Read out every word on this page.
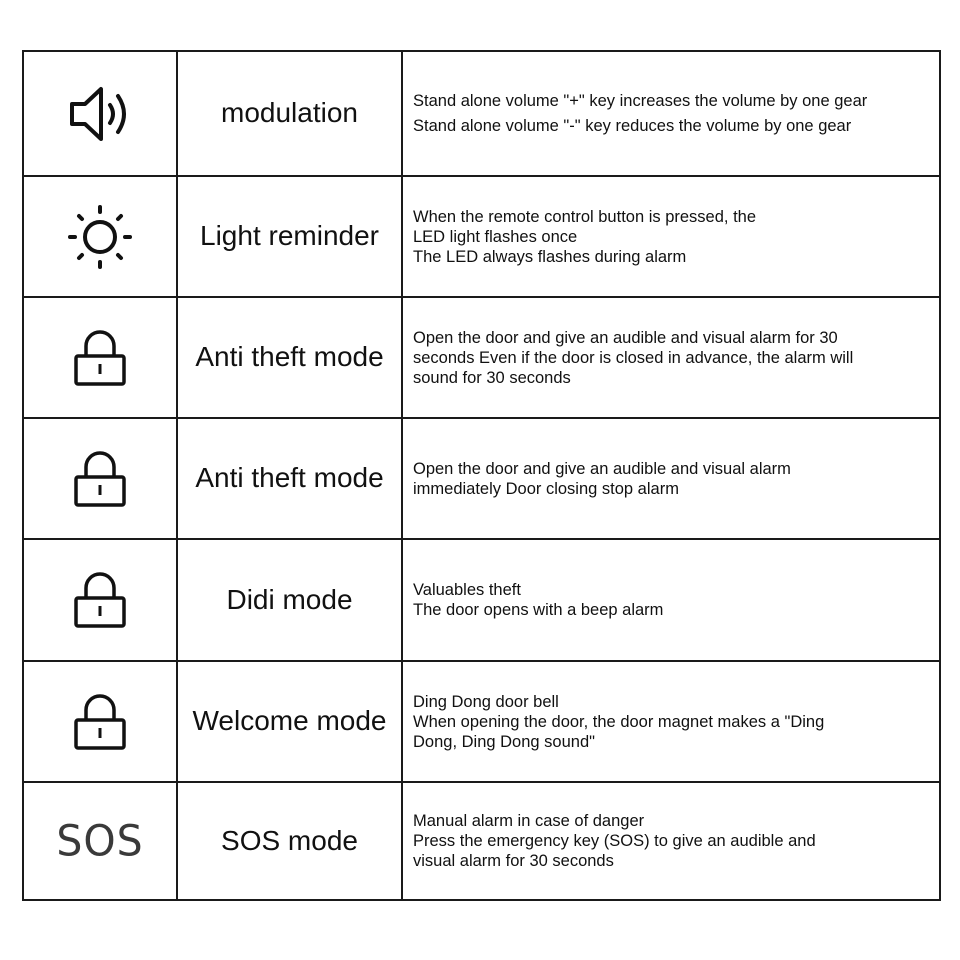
	modulation	Stand alone volume "+" key increases the volume by one gear
Stand alone volume "-" key reduces the volume by one gear

	Light reminder	When the remote control button is pressed, the
LED light flashes once
The LED always flashes during alarm

	Anti theft mode	Open the door and give an audible and visual alarm for 30
seconds Even if the door is closed in advance, the alarm will
sound for 30 seconds

	Anti theft mode	Open the door and give an audible and visual alarm
immediately Door closing stop alarm

	Didi mode	Valuables theft
The door opens with a beep alarm

	Welcome mode	Ding Dong door bell
When opening the door, the door magnet makes a "Ding
Dong, Ding Dong sound"

SOS	SOS mode	Manual alarm in case of danger
Press the emergency key (SOS) to give an audible and
visual alarm for 30 seconds
